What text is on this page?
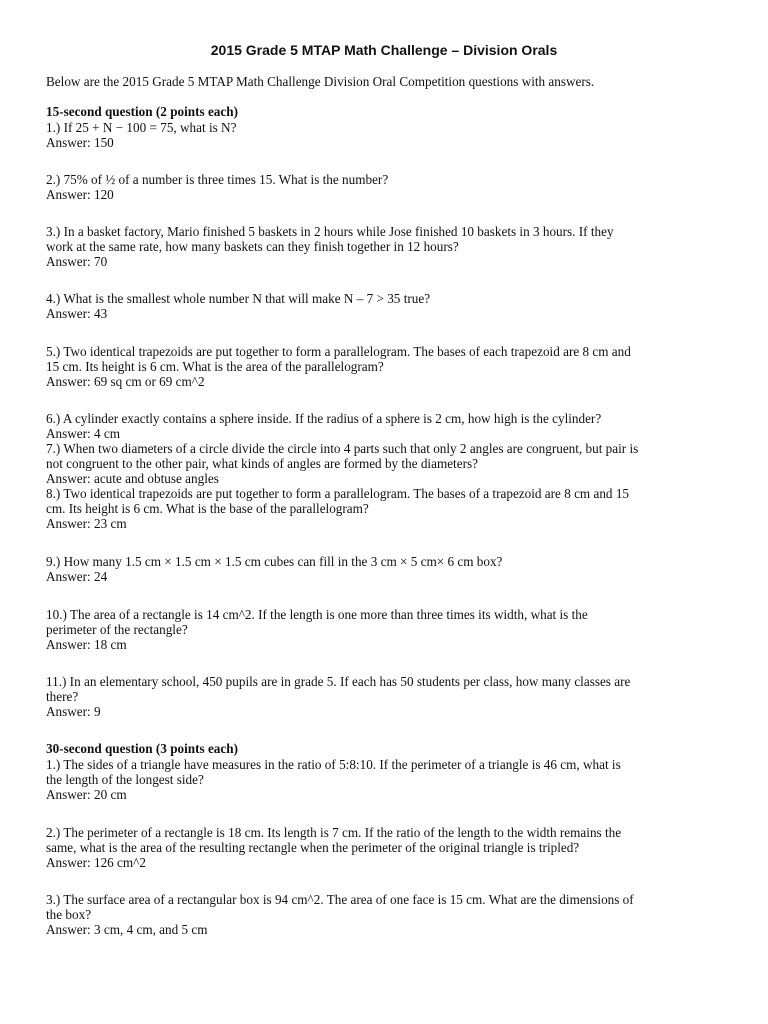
2015 Grade 5 MTAP Math Challenge – Division Orals
Below are the 2015 Grade 5 MTAP Math Challenge Division Oral Competition questions with answers.
15-second question (2 points each)
1.) If 25 + N − 100 = 75, what is N?
Answer: 150
2.) 75% of ½ of a number is three times 15. What is the number?
Answer: 120
3.) In a basket factory, Mario finished 5 baskets in 2 hours while Jose finished 10 baskets in 3 hours. If they
work at the same rate, how many baskets can they finish together in 12 hours?
Answer: 70
4.) What is the smallest whole number N that will make N – 7 > 35 true?
Answer: 43
5.) Two identical trapezoids are put together to form a parallelogram. The bases of each trapezoid are 8 cm and
15 cm. Its height is 6 cm. What is the area of the parallelogram?
Answer: 69 sq cm or 69 cm^2
6.) A cylinder exactly contains a sphere inside. If the radius of a sphere is 2 cm, how high is the cylinder?
Answer: 4 cm
7.) When two diameters of a circle divide the circle into 4 parts such that only 2 angles are congruent, but pair is
not congruent to the other pair, what kinds of angles are formed by the diameters?
Answer: acute and obtuse angles
8.) Two identical trapezoids are put together to form a parallelogram. The bases of a trapezoid are 8 cm and 15
cm. Its height is 6 cm. What is the base of the parallelogram?
Answer: 23 cm
9.) How many 1.5 cm × 1.5 cm × 1.5 cm cubes can fill in the 3 cm × 5 cm× 6 cm box?
Answer: 24
10.) The area of a rectangle is 14 cm^2. If the length is one more than three times its width, what is the
perimeter of the rectangle?
Answer: 18 cm
11.) In an elementary school, 450 pupils are in grade 5. If each has 50 students per class, how many classes are
there?
Answer: 9
30-second question (3 points each)
1.) The sides of a triangle have measures in the ratio of 5:8:10. If the perimeter of a triangle is 46 cm, what is
the length of the longest side?
Answer: 20 cm
2.) The perimeter of a rectangle is 18 cm. Its length is 7 cm. If the ratio of the length to the width remains the
same, what is the area of the resulting rectangle when the perimeter of the original triangle is tripled?
Answer: 126 cm^2
3.) The surface area of a rectangular box is 94 cm^2. The area of one face is 15 cm. What are the dimensions of
the box?
Answer: 3 cm, 4 cm, and 5 cm
